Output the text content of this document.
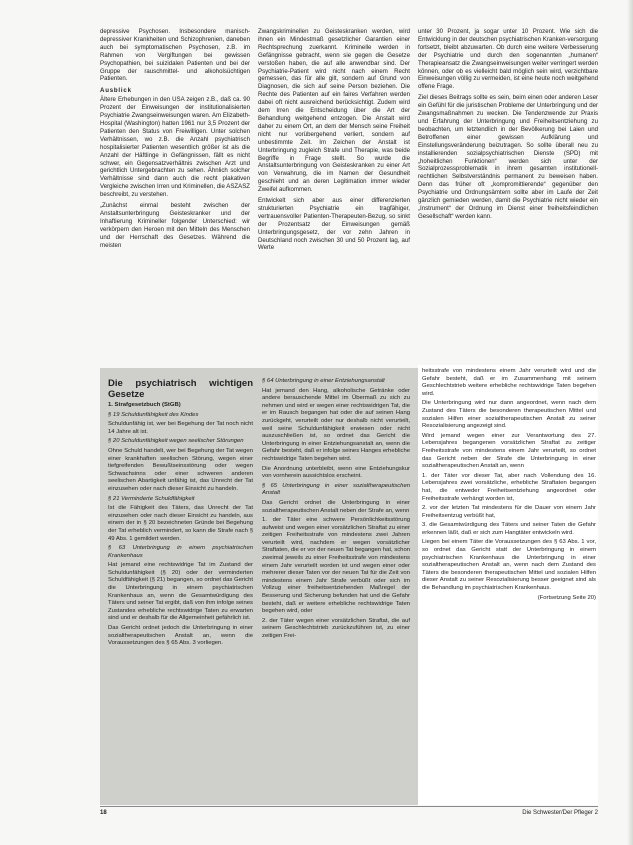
depressive Psychosen. Insbesondere manisch-depressiver Krankheiten und Schizophrenien, daneben auch bei symptomatischen Psychosen, z.B. im Rahmen von Vergiftungen bei gewissen Psychopathien, bei suizidalen Patienten und bei der Gruppe der rauschmittel- und alkoholsüchtigen Patienten.

Ausblick

Ältere Erhebungen in den USA zeigen z.B., daß ca. 90 Prozent der Einweisungen der institutionalisierten Psychiatrie Zwangseinweisungen waren. Am Elizabeth-Hospital (Washington) hatten 1961 nur 3,5 Prozent der Patienten den Status von Freiwilligen. Unter solchen Verhältnissen, wo z.B. die Anzahl psychiatrisch hospitalisierter Patienten wesentlich größer ist als die Anzahl der Häftlinge in Gefängnissen, fällt es nicht schwer, ein Gegensatzverhältnis zwischen Arzt und gerichtlich Untergebrachten zu sehen. Ähnlich solcher Verhältnisse sind dann auch die recht plakativen Vergleiche zwischen Irren und Kriminellen, die ASZASZ beschreibt, zu verstehen.

„Zunächst einmal besteht zwischen der Anstaltsunterbringung Geisteskranker und der Inhaftierung Krimineller folgender Unterschied: wir verkörpern den Heroen mit den Mitteln des Menschen und der Herrschaft des Gesetzes. Während die meisten

Zwangskriminellen zu Geisteskranken werden, wird ihnen ein Mindestmaß gesetzlicher Garantien einer Rechtsprechung zuerkannt. Kriminelle werden in Gefängnisse gebracht, wenn sie gegen die Gesetze verstoßen haben, die auf alle anwendbar sind. Der Psychiatrie-Patient wird nicht nach einem Recht gemessen, das für alle gilt, sondern auf Grund von Diagnosen, die sich auf seine Person beziehen. Die Rechte des Patienten auf ein faires Verfahren werden dabei oft nicht ausreichend berücksichtigt. Zudem wird dem Irren die Entscheidung über die Art der Behandlung weitgehend entzogen. Die Anstalt wird daher zu einem Ort, an dem der Mensch seine Freiheit nicht nur vorübergehend verliert, sondern auf unbestimmte Zeit. Im Zeichen der Anstalt ist Unterbringung zugleich Strafe und Therapie, was beide Begriffe in Frage stellt. So wurde die Anstaltsunterbringung von Geisteskranken zu einer Art von Verwahrung, die im Namen der Gesundheit geschieht und an deren Legitimation immer wieder Zweifel aufkommen.

Entwickelt sich aber aus einer differenzierten strukturierten Psychiatrie ein tragfähiger, vertrauensvoller Patienten-Therapeuten-Bezug, so sinkt der Prozentsatz der Einweisungen gemäß Unterbringungsgesetz, der vor zehn Jahren in Deutschland noch zwischen 30 und 50 Prozent lag, auf Werte

unter 30 Prozent, ja sogar unter 10 Prozent. Wie sich die Entwicklung in der deutschen psychiatrischen Kranken-versorgung fortsetzt, bleibt abzuwarten. Ob durch eine weitere Verbesserung der Psychiatrie und durch den sogenannten „humanen“ Therapieansatz die Zwangseinweisungen weiter verringert werden können, oder ob es vielleicht bald möglich sein wird, verzichtbare Einweisungen völlig zu vermeiden, ist eine heute noch weitgehend offene Frage.

Ziel dieses Beitrags sollte es sein, beim einen oder anderen Leser ein Gefühl für die juristischen Probleme der Unterbringung und der Zwangsmaßnahmen zu wecken. Die Tendenzwende zur Praxis und Erfahrung der Unterbringung und Freiheitsentziehung zu beobachten, um letztendlich in der Bevölkerung bei Laien und Betroffenen einer gewissen Aufklärung und Einstellungsveränderung beizutragen. So sollte überall neu zu installierenden sozialpsychiatrischen Dienste (SPD) mit „hoheitlichen Funktionen“ werden sich unter der Sozialprozessproblematik in ihrem gesamten institutionell-rechtlichen Selbstverständnis permanent zu beweisen haben. Denn das früher oft „kompromittierende“ gegenüber den Psychiatrie und Ordnungsämtern sollte aber im Laufe der Zeit gänzlich gemieden werden, damit die Psychiatrie nicht wieder ein „Instrument“ der Ordnung im Dienst einer freiheitsfeindlichen Gesellschaft“ werden kann.

Die psychiatrisch wichtigen Gesetze

1. Strafgesetzbuch (StGB)

§ 19 Schuldunfähigkeit des Kindes

Schuldunfähig ist, wer bei Begehung der Tat noch nicht 14 Jahre alt ist.

§ 20 Schuldunfähigkeit wegen seelischer Störungen

Ohne Schuld handelt, wer bei Begehung der Tat wegen einer krankhaften seelischen Störung, wegen einer tiefgreifenden Bewußtseinsstörung oder wegen Schwachsinns oder einer schweren anderen seelischen Abartigkeit unfähig ist, das Unrecht der Tat einzusehen oder nach dieser Einsicht zu handeln.

§ 21 Verminderte Schuldfähigkeit

Ist die Fähigkeit des Täters, das Unrecht der Tat einzusehen oder nach dieser Einsicht zu handeln, aus einem der in § 20 bezeichneten Gründe bei Begehung der Tat erheblich vermindert, so kann die Strafe nach § 49 Abs. 1 gemildert werden.

§ 63 Unterbringung in einem psychiatrischen Krankenhaus

Hat jemand eine rechtswidrige Tat im Zustand der Schuldunfähigkeit (§ 20) oder der verminderten Schuldfähigkeit (§ 21) begangen, so ordnet das Gericht die Unterbringung in einem psychiatrischen Krankenhaus an, wenn die Gesamtwürdigung des Täters und seiner Tat ergibt, daß von ihm infolge seines Zustandes erhebliche rechtswidrige Taten zu erwarten sind und er deshalb für die Allgemeinheit gefährlich ist.

Das Gericht ordnet jedoch die Unterbringung in einer sozialtherapeutischen Anstalt an, wenn die Voraussetzungen des § 65 Abs. 3 vorliegen.

§ 64 Unterbringung in einer Entziehungsanstalt

Hat jemand den Hang, alkoholische Getränke oder andere berauschende Mittel im Übermaß zu sich zu nehmen und wird er wegen einer rechtswidrigen Tat, die er im Rausch begangen hat oder die auf seinen Hang zurückgeht, verurteilt oder nur deshalb nicht verurteilt, weil seine Schuldunfähigkeit erwiesen oder nicht auszuschließen ist, so ordnet das Gericht die Unterbringung in einer Entziehungsanstalt an, wenn die Gefahr besteht, daß er infolge seines Hanges erhebliche rechtswidrige Taten begehen wird.

Die Anordnung unterbleibt, wenn eine Entziehungskur von vornherein aussichtslos erscheint.

§ 65 Unterbringung in einer sozialtherapeutischen Anstalt

Das Gericht ordnet die Unterbringung in einer sozialtherapeutischen Anstalt neben der Strafe an, wenn

1. der Täter eine schwere Persönlichkeitsstörung aufweist und wegen einer vorsätzlichen Straftat zu einer zeitigen Freiheitsstrafe von mindestens zwei Jahren verurteilt wird, nachdem er wegen vorsätzlicher Straftaten, die er vor der neuen Tat begangen hat, schon zweimal jeweils zu einer Freiheitsstrafe von mindestens einem Jahr verurteilt worden ist und wegen einer oder mehrerer dieser Taten vor der neuen Tat für die Zeit von mindestens einem Jahr Strafe verbüßt oder sich im Vollzug einer freiheitsentziehenden Maßregel der Besserung und Sicherung befunden hat und die Gefahr besteht, daß er weitere erhebliche rechtswidrige Taten begehen wird, oder

2. der Täter wegen einer vorsätzlichen Straftat, die auf seinem Geschlechtstrieb zurückzuführen ist, zu einer zeitigen Frei-

heitsstrafe von mindestens einem Jahr verurteilt wird und die Gefahr besteht, daß er im Zusammenhang mit seinem Geschlechtstrieb weitere erhebliche rechtswidrige Taten begehen wird.

Die Unterbringung wird nur dann angeordnet, wenn nach dem Zustand des Täters die besonderen therapeutischen Mittel und sozialen Hilfen einer sozialtherapeutischen Anstalt zu seiner Resozialisierung angezeigt sind.

Wird jemand wegen einer zur Verantwortung des 27. Lebensjahres begangenen vorsätzlichen Straftat zu zeitiger Freiheitsstrafe von mindestens einem Jahr verurteilt, so ordnet das Gericht neben der Strafe die Unterbringung in einer sozialtherapeutischen Anstalt an, wenn

1. der Täter vor dieser Tat, aber nach Vollendung des 16. Lebensjahres zwei vorsätzliche, erhebliche Straftaten begangen hat, die entweder Freiheitsentziehung angeordnet oder Freiheitsstrafe verhängt worden ist,

2. vor der letzten Tat mindestens für die Dauer von einem Jahr Freiheitsentzug verbüßt hat,

3. die Gesamtwürdigung des Täters und seiner Taten die Gefahr erkennen läßt, daß er sich zum Hangtäter entwickeln wird.

Liegen bei einem Täter die Voraussetzungen des § 63 Abs. 1 vor, so ordnet das Gericht statt der Unterbringung in einem psychiatrischen Krankenhaus die Unterbringung in einer sozialtherapeutischen Anstalt an, wenn nach dem Zustand des Täters die besonderen therapeutischen Mittel und sozialen Hilfen dieser Anstalt zu seiner Resozialisierung besser geeignet sind als die Behandlung im psychiatrischen Krankenhaus.

(Fortsetzung Seite 20)

18	Die Schwester/Der Pfleger 2
